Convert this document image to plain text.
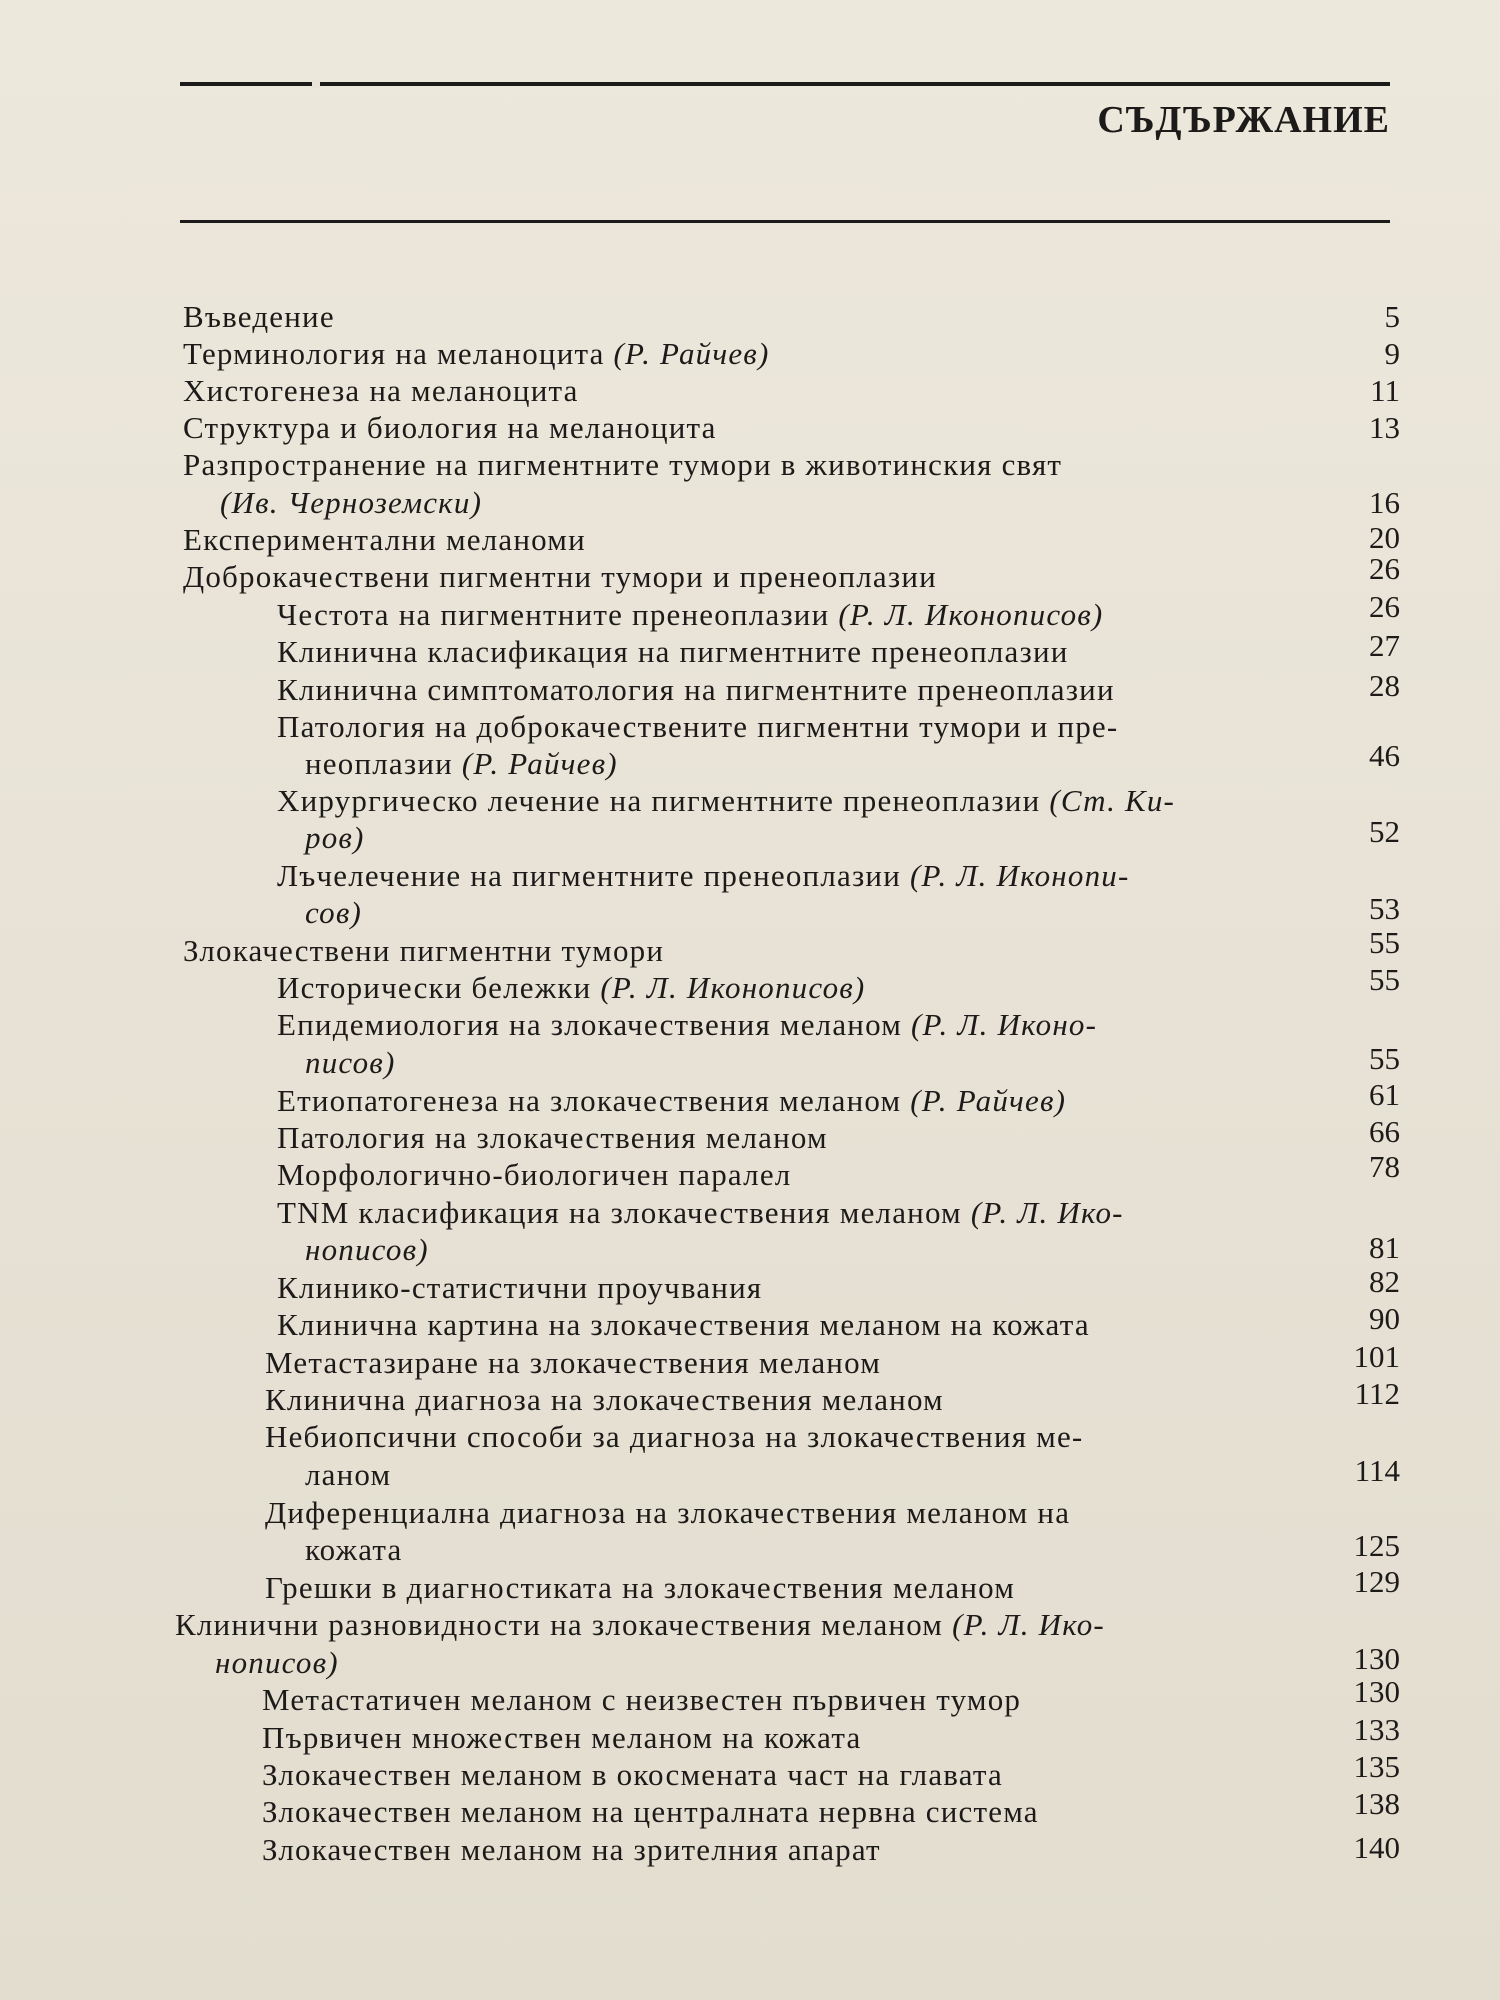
СЪДЪРЖАНИЕ
Въведение	5
Терминология на меланоцита (Р. Райчев)	9
Хистогенеза на меланоцита	11
Структура и биология на меланоцита	13
Разпространение на пигментните тумори в животинския свят
(Ив. Черноземски)	16
Експериментални меланоми	20
Доброкачествени пигментни тумори и пренеоплазии	26
Честота на пигментните пренеоплазии (Р. Л. Иконописов)	26
Клинична класификация на пигментните пренеоплазии	27
Клинична симптоматология на пигментните пренеоплазии	28
Патология на доброкачествените пигментни тумори и пре-
неоплазии (Р. Райчев)	46
Хирургическо лечение на пигментните пренеоплазии (Ст. Ки-
ров)	52
Лъчелечение на пигментните пренеоплазии (Р. Л. Иконопи-
сов)	53
Злокачествени пигментни тумори	55
Исторически бележки (Р. Л. Иконописов)	55
Епидемиология на злокачествения меланом (Р. Л. Иконо-
писов)	55
Етиопатогенеза на злокачествения меланом (Р. Райчев)	61
Патология на злокачествения меланом	66
Морфологично-биологичен паралел	78
TNM класификация на злокачествения меланом (Р. Л. Ико-
нописов)	81
Клинико-статистични проучвания	82
Клинична картина на злокачествения меланом на кожата	90
Метастазиране на злокачествения меланом	101
Клинична диагноза на злокачествения меланом	112
Небиопсични способи за диагноза на злокачествения ме-
ланом	114
Диференциална диагноза на злокачествения меланом на
кожата	125
Грешки в диагностиката на злокачествения меланом	129
Клинични разновидности на злокачествения меланом (Р. Л. Ико-
нописов)	130
Метастатичен меланом с неизвестен първичен тумор	130
Първичен множествен меланом на кожата	133
Злокачествен меланом в окосмената част на главата	135
Злокачествен меланом на централната нервна система	138
Злокачествен меланом на зрителния апарат	140
